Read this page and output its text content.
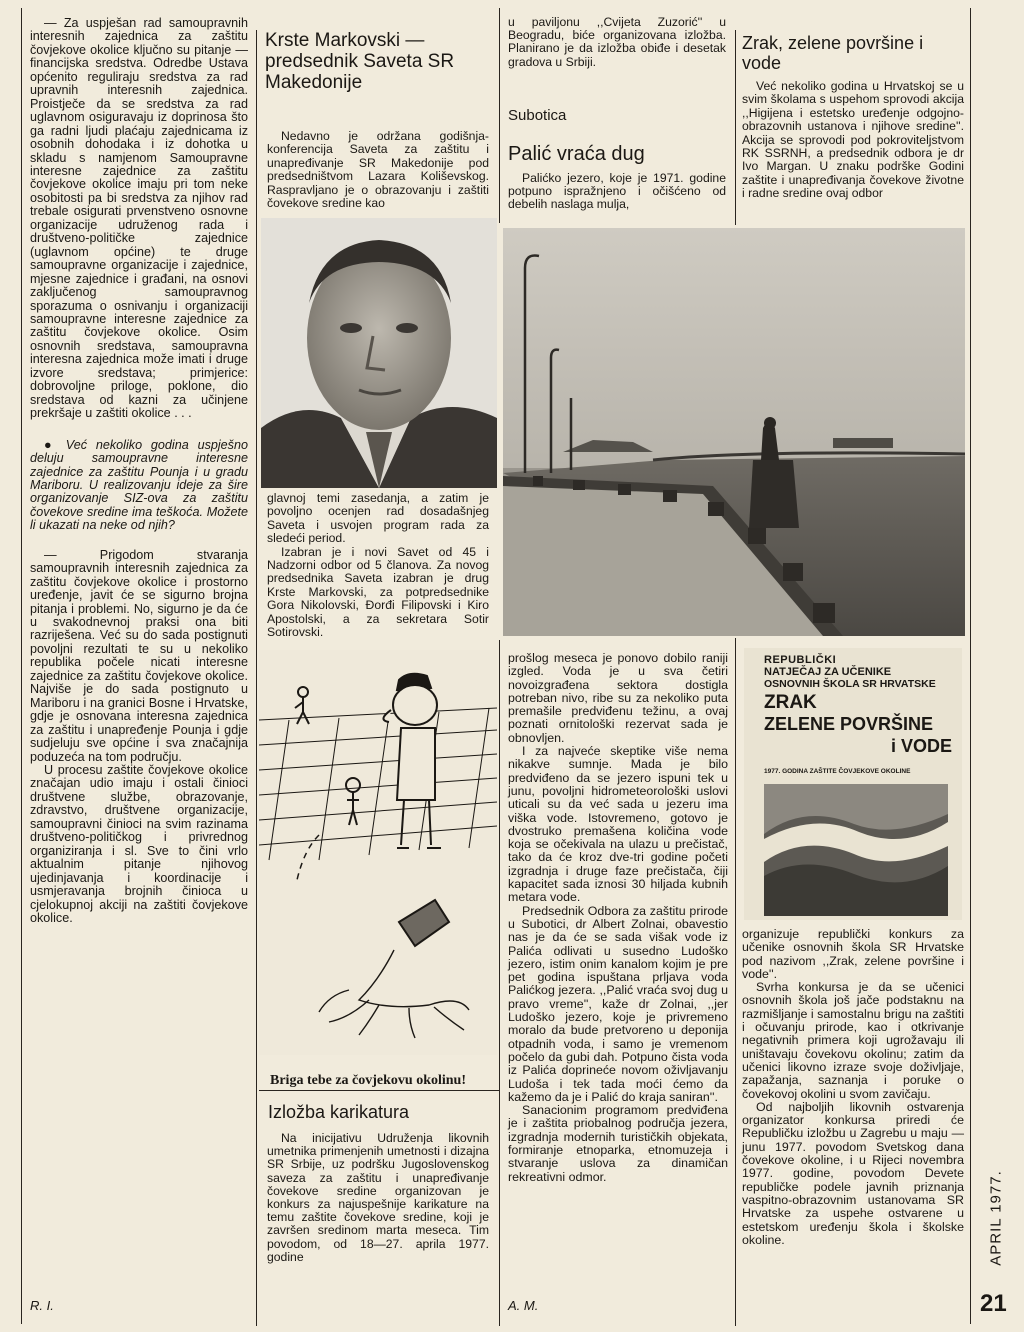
— Za uspješan rad samoupravnih interesnih zajednica za zaštitu čovjekove okolice ključno su pitanje — financijska sredstva. Odredbe Ustava općenito reguliraju sredstva za rad upravnih interesnih zajednica. Proistječe da se sredstva za rad uglavnom osiguravaju iz doprinosa što ga radni ljudi plaćaju zajednicama iz osobnih dohodaka i iz dohotka u skladu s namjenom Samoupravne interesne zajednice za zaštitu čovjekove okolice imaju pri tom neke osobitosti pa bi sredstva za njihov rad trebale osigurati prvenstveno osnovne organizacije udruženog rada i društveno-političke zajednice (uglavnom općine) te druge samoupravne organizacije i zajednice, mjesne zajednice i građani, na osnovi zaključenog samoupravnog sporazuma o osnivanju i organizaciji samoupravne interesne zajednice za zaštitu čovjekove okolice. Osim osnovnih sredstava, samoupravna interesna zajednica može imati i druge izvore sredstava; primjerice: dobrovoljne priloge, poklone, dio sredstava od kazni za učinjene prekršaje u zaštiti okolice . . .

● Već nekoliko godina uspješno deluju samoupravne interesne zajednice za zaštitu Pounja i u gradu Mariboru. U realizovanju ideje za šire organizovanje SIZ-ova za zaštitu čovekove sredine ima teškoća. Možete li ukazati na neke od njih?

— Prigodom stvaranja samoupravnih interesnih zajednica za zaštitu čovjekove okolice i prostorno uređenje, javit će se sigurno brojna pitanja i problemi. No, sigurno je da će u svakodnevnoj praksi ona biti razriješena. Već su do sada postignuti povoljni rezultati te su u nekoliko republika počele nicati interesne zajednice za zaštitu čovjekove okolice. Najviše je do sada postignuto u Mariboru i na granici Bosne i Hrvatske, gdje je osnovana interesna zajednica za zaštitu i unapređenje Pounja i gdje sudjeluju sve općine i sva značajnija poduzeća na tom području.

U procesu zaštite čovjekove okolice značajan udio imaju i ostali činioci društvene službe, obrazovanje, zdravstvo, društvene organizacije, samoupravni činioci na svim razinama društveno-političkog i privrednog organiziranja i sl. Sve to čini vrlo aktualnim pitanje njihovog ujedinjavanja i koordinacije i usmjeravanja brojnih činioca u cjelokupnoj akciji na zaštiti čovjekove okolice.

R. I.
Krste Markovski — predsednik Saveta SR Makedonije

Nedavno je održana godišnja-konferencija Saveta za zaštitu i unapređivanje SR Makedonije pod predsedništvom Lazara Koliševskog. Raspravljano je o obrazovanju i zaštiti čovekove sredine kao

glavnoj temi zasedanja, a zatim je povoljno ocenjen rad dosadašnjeg Saveta i usvojen program rada za sledeći period.

Izabran je i novi Savet od 45 i Nadzorni odbor od 5 članova. Za novog predsednika Saveta izabran je drug Krste Markovski, za potpredsednike Gora Nikolovski, Đorđi Filipovski i Kiro Apostolski, a za sekretara Sotir Sotirovski.

Briga tebe za čovjekovu okolinu!
Izložba karikatura

Na inicijativu Udruženja likovnih umetnika primenjenih umetnosti i dizajna SR Srbije, uz podršku Jugoslovenskog saveza za zaštitu i unapređivanje čovekove sredine organizovan je konkurs za najuspešnije karikature na temu zaštite čovekove sredine, koji je završen sredinom marta meseca. Tim povodom, od 18—27. aprila 1977. godine

u paviljonu ,,Cvijeta Zuzorić'' u Beogradu, biće organizovana izložba. Planirano je da izložba obiđe i desetak gradova u Srbiji.

Subotica
Palić vraća dug

Palićko jezero, koje je 1971. godine potpuno ispražnjeno i očišćeno od debelih naslaga mulja,

Zrak, zelene površine i vode

Već nekoliko godina u Hrvatskoj se u svim školama s uspehom sprovodi akcija ,,Higijena i estetsko uređenje odgojno-obrazovnih ustanova i njihove sredine''. Akcija se sprovodi pod pokroviteljstvom RK SSRNH, a predsednik odbora je dr Ivo Margan. U znaku podrške Godini zaštite i unapređivanja čovekove životne i radne sredine ovaj odbor

prošlog meseca je ponovo dobilo raniji izgled. Voda je u sva četiri novoizgrađena sektora dostigla potreban nivo, ribe su za nekoliko puta premašile predviđenu težinu, a ovaj poznati ornitološki rezervat sada je obnovljen.

I za najveće skeptike više nema nikakve sumnje. Mada je bilo predviđeno da se jezero ispuni tek u junu, povoljni hidrometeorološki uslovi uticali su da već sada u jezeru ima viška vode. Istovremeno, gotovo je dvostruko premašena količina vode koja se očekivala na ulazu u prečistač, tako da će kroz dve-tri godine početi izgradnja i druge faze prečistača, čiji kapacitet sada iznosi 30 hiljada kubnih metara vode.

Predsednik Odbora za zaštitu prirode u Subotici, dr Albert Zolnai, obavestio nas je da će se sada višak vode iz Palića odlivati u susedno Ludoško jezero, istim onim kanalom kojim je pre pet godina ispuštana prljava voda Palićkog jezera. ,,Palić vraća svoj dug u pravo vreme'', kaže dr Zolnai, ,,jer Ludoško jezero, koje je privremeno moralo da bude pretvoreno u deponija otpadnih voda, i samo je vremenom počelo da gubi dah. Potpuno čista voda iz Palića doprineće novom oživljavanju Ludoša i tek tada moći ćemo da kažemo da je i Palić do kraja saniran''.

Sanacionim programom predviđena je i zaštita priobalnog područja jezera, izgradnja modernih turističkih objekata, formiranje etnoparka, etnomuzeja i stvaranje uslova za dinamičan rekreativni odmor.

A. M.
REPUBLIČKI
NATJEČAJ ZA UČENIKE
OSNOVNIH ŠKOLA SR HRVATSKE
ZRAK
ZELENE POVRŠINE
i VODE
1977. GODINA ZAŠTITE ČOVJEKOVE OKOLINE

organizuje republički konkurs za učenike osnovnih škola SR Hrvatske pod nazivom ,,Zrak, zelene površine i vode''.

Svrha konkursa je da se učenici osnovnih škola još jače podstaknu na razmišljanje i samostalnu brigu na zaštiti i očuvanju prirode, kao i otkrivanje negativnih primera koji ugrožavaju ili uništavaju čovekovu okolinu; zatim da učenici likovno izraze svoje doživljaje, zapažanja, saznanja i poruke o čovekovoj okolini u svom zavičaju.

Od najboljih likovnih ostvarenja organizator konkursa priredi će Republičku izložbu u Zagrebu u maju — junu 1977. povodom Svetskog dana čovekove okoline, i u Rijeci novembra 1977. godine, povodom Devete republičke podele javnih priznanja vaspitno-obrazovnim ustanovama SR Hrvatske za uspehe ostvarene u estetskom uređenju škola i školske okoline.	APRIL 1977.
21
